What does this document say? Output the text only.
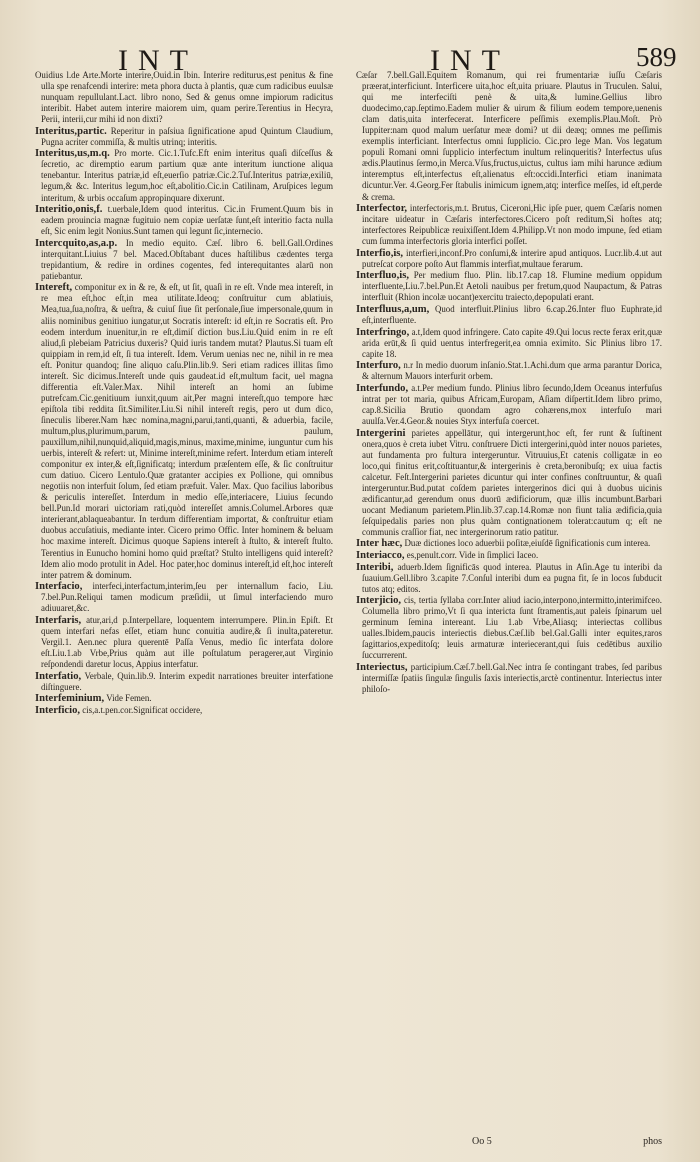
INT	INT	589

Ouidius l.de Arte.Morte interire,Ouid.in Ibin. Interire rediturus,est penitus & fine ulla spe renafcendi interire: meta phora ducta à plantis, quæ cum radicibus euulsæ nunquam repullulant.Lact. libro nono, Sed & genus omne impiorum radicitus interibit. Habet autem interire maiorem uim, quam perire.Terentius in Hecyra, Perii, interii,cur mihi id non dixti?

Interitus,partic. Reperitur in paſsiua ſignificatione apud Quintum Claudium, Pugna acriter commiſſa, & multis utrinq; interitis.

Interitus,us,m.q. Pro morte. Cic.1.Tufc.Eft enim interitus quaſi diſceſſus & ſecretio, ac diremptio earum partium quæ ante interitum iunctione aliqua tenebantur. Interitus patriæ,id eſt,euerſio patriæ.Cic.2.Tuſ.Interitus patriæ,exiliū, legum,& &c. Interitus legum,hoc eſt,abolitio.Cic.in Catilinam, Aruſpices legum interitum, & urbis occaſum appropinquare dixerunt.

Interitio,onis,f. t.uerbale,Idem quod interitus. Cic.in Frument.Quum bis in eadem prouincia magnæ fugituio nem copiæ uerſatæ ſunt,eſt interitio facta nulla eſt, Sic enim legit Nonius.Sunt tamen qui legunt ſic,internecio.

Intercquito,as,a.p. In medio equito. Cæſ. libro 6. bell.Gall.Ordines interquitant.Liuius 7 bel. Maced.Obſtabant duces haſtilibus cædentes terga trepidantium, & redire in ordines cogentes, fed interequitantes alarū non patiebantur.

Intereft, componitur ex in & re, & eſt, ut ſit, quaſi in re eſt. Vnde mea intereſt, in re mea eſt,hoc eſt,in mea utilitate.Ideoq; conſtruitur cum ablatiuis, Mea,tua,ſua,noſtra, & ueſtra, & cuiuſ ſiue ſit perſonale,ſiue impersonale,quum in aliis nominibus genitiuo iungatur,ut Socratis intereſt: id eſt,in re Socratis eſt. Pro eodem interdum inuenitur,in re eſt,dimiſ diction bus.Liu.Quid enim in re eſt aliud,ſi plebeiam Patricius duxeris? Quid iuris tandem mutat? Plautus.Si tuam eſt quippiam in rem,id eſt, ſi tua intereſt. Idem. Verum uenias nec ne, nihil in re mea eſt. Ponitur quandoq; ſine aliquo caſu.Plin.lib.9. Seri etiam radices illitas ſimo intereſt. Sic dicimus.Intereſt unde quis gaudeat.id eſt,multum facit, uel magna differentia eſt.Valer.Max. Nihil intereſt an homi an ſubime putrefcam.Cic.genitiuum iunxit,quum ait,Per magni intereſt,quo tempore hæc epiſtola tibi reddita ſit.Similiter.Liu.Si nihil intereſt regis, pero ut dum dico, ſineculis liberer.Nam hæc nomina,magni,parui,tanti,quanti, & aduerbia, facile, multum,plus,plurimum,parum, paulum, pauxillum,nihil,nunquid,aliquid,magis,minus, maxime,minime, iunguntur cum his uerbis, intereſt & refert: ut, Minime intereſt,minime refert. Interdum etiam intereſt componitur ex inter,& eſt,ſignificatq; interdum præſentem eſſe, & ſic conſtruitur cum datiuo. Cicero Lentulo.Quæ gratanter accipies ex Pollione, qui omnibus negotiis non interfuit ſolum, ſed etiam præfuit. Valer. Max. Quo facilius laboribus & periculis intereſſet. Interdum in medio eſſe,interiacere, Liuius ſecundo bell.Pun.Id morari uictoriam rati,quòd intereſſet amnis.Columel.Arbores quæ interierant,ablaqueabantur. In terdum differentiam importat, & conſtruitur etiam duobus accuſatiuis, mediante inter. Cicero primo Offic. Inter hominem & beluam hoc maxime intereſt. Dicimus quoque Sapiens intereſt à ſtulto, & intereſt ſtulto. Terentius in Eunucho homini homo quid præſtat? Stulto intelligens quid intereſt? Idem alio modo protulit in Adel. Hoc pater,hoc dominus intereſt,id eſt,hoc intereſt inter patrem & dominum.

Interfacio, interfeci,interfactum,interim,ſeu per internallum facio, Liu. 7.bel.Pun.Reliqui tamen modicum præſidii, ut ſimul interfaciendo muro adiuuaret,&c.

Interfaris, atur,ari,d p.Interpellare, loquentem interrumpere. Plin.in Epiſt. Et quem interfari nefas eſſet, etiam hunc conuitia audire,& ſi inulta,pateretur. Vergil.1. Aen.nec plura querentē Paſſa Venus, medio ſic interfata dolore eſt.Liu.1.ab Vrbe,Prius quàm aut ille poſtulatum peragerer,aut Virginio reſpondendi daretur locus, Appius interfatur.

Interfatio, Verbale, Quin.lib.9. Interim expedit narrationes breuiter interfatione diſtinguere.

Interfeminium, Vide Femen.

Interficio, cis,a.t.pen.cor.Significat occidere,

Cæſar 7.bell.Gall.Equitem Romanum, qui rei frumentariæ iuſſu Cæſaris præerat,interficiunt. Interficere uita,hoc eſt,uita priuare. Plautus in Truculen. Salui, qui me interfeciſti penè & uita,& lumine.Gellius libro duodecimo,cap.ſeptimo.Eadem mulier & uirum & filium eodem tempore,uenenis clam datis,uita interfecerat. Interficere peſſimis exemplis.Plau.Moſt. Prò Iuppiter:nam quod malum uerſatur meæ domi? ut dii deæq; omnes me peſſimis exemplis interficiant. Interfectus omni ſupplicio. Cic.pro lege Man. Vos legatum populi Romani omni ſupplicio interfectum inultum relinqueritis? Interfectus uſus ædis.Plautinus ſermo,in Merca.Vſus,fructus,uictus, cultus iam mihi harunce ædium interemptus eſt,interfectus eſt,alienatus eſt:occidi.Interfici etiam inanimata dicuntur.Ver. 4.Georg.Fer ſtabulis inimicum ignem,atq; interfice meſſes, id eſt,perde & crema.

Interfector, interfectoris,m.t. Brutus, Ciceroni,Hic ipſe puer, quem Cæſaris nomen incitare uideatur in Cæſaris interfectores.Cicero poſt reditum,Si hoſtes atq; interfectores Reipublicæ reuixiſſent.Idem 4.Philipp.Vt non modo impune, ſed etiam cum ſumma interfectoris gloria interfici poſſet.

Interfio,is, interfieri,inconf.Pro conſumi,& interire apud antiquos. Lucr.lib.4.ut aut putreſcat corpore poſto Aut flammis interfiat,multaue ferarum.

Interfluo,is, Per medium fluo. Plin. lib.17.cap 18. Flumine medium oppidum interfluente,Liu.7.bel.Pun.Et Aetoli nauibus per fretum,quod Naupactum, & Patras interfluit (Rhion incolæ uocant)exercitu traiecto,depopulati erant.

Interfluus,a,um, Quod interfluit.Plinius libro 6.cap.26.Inter fluo Euphrate,id eſt,interfluente.

Interfringo, a.t,Idem quod infringere. Cato capite 49.Qui locus recte ferax erit,quæ arida erūt,& ſi quid uentus interfregerit,ea omnia eximito. Sic Plinius libro 17. capite 18.

Interfuro, n.r In medio duorum inſanio.Stat.1.Achi.dum que arma parantur Dorica, & alternum Mauors interfurit orbem.

Interfundo, a.t.Per medium fundo. Plinius libro ſecundo,Idem Oceanus interfuſus intrat per tot maria, quibus Africam,Europam, Aſiam diſpertit.Idem libro primo, cap.8.Sicilia Brutio quondam agro cohærens,mox interfuſo mari auulſa.Ver.4.Geor.& nouies Styx interfuſa coercet.

Intergerini parietes appellātur, qui intergerunt,hoc eſt, fer runt & ſuſtinent onera,quos è creta iubet Vitru. conſtruere Dicti intergerini,quòd inter nouos parietes, aut fundamenta pro fultura intergeruntur. Vitruuius,Et catenis colligatæ in eo loco,qui finitus erit,coſtituantur,& intergerinis è creta,beronibuſq; ex uiua factis calcetur. Feſt.Intergerini parietes dicuntur qui inter confines conſtruuntur, & quaſi intergeruntur.Bud.putat coſdem parietes intergerinos dici qui à duobus uicinis ædificantur,ad gerendum onus duorū ædificiorum, quæ illis incumbunt.Barbari uocant Medianum parietem.Plin.lib.37.cap.14.Romæ non fiunt talia ædificia,quia ſeſquipedalis paries non plus quàm contignationem tolerat:cautum q; eſt ne communis craſſior fiat, nec intergerinorum ratio patitur.

Inter hæc, Duæ dictiones loco aduerbii poſitæ,eiuſdē ſignificationis cum interea.

Interiacco, es,penult.corr. Vide in ſimplici Iaceo.

Interibi, aduerb.Idem ſignificās quod interea. Plautus in Aſin.Age tu interibi da ſuauium.Gell.libro 3.capite 7.Conſul interibi dum ea pugna fit, ſe in locos ſubducit tutos atq; editos.

Interjicio, cis, tertia ſyllaba corr.Inter aliud iacio,interpono,intermitto,interimifceo. Columella libro primo,Vt ſi qua intericta ſunt ſtramentis,aut paleis ſpinarum uel germinum ſemina intereant. Liu 1.ab Vrbe,Aliasq; interiectas collibus ualles.Ibidem,paucis interiectis diebus.Cæſ.lib bel.Gal.Galli inter equites,raros ſagittarios,expeditoſq; leuis armaturæ interiecerant,qui ſuis cedētibus auxilio ſuccurrerent.

Interiectus, participium.Cæſ.7.bell.Gal.Nec intra ſe contingant trabes, ſed paribus intermiſſæ ſpatiis ſingulæ ſingulis ſaxis interiectis,arctè continentur. Interiectus inter philoſo-

Oo 5	phos
